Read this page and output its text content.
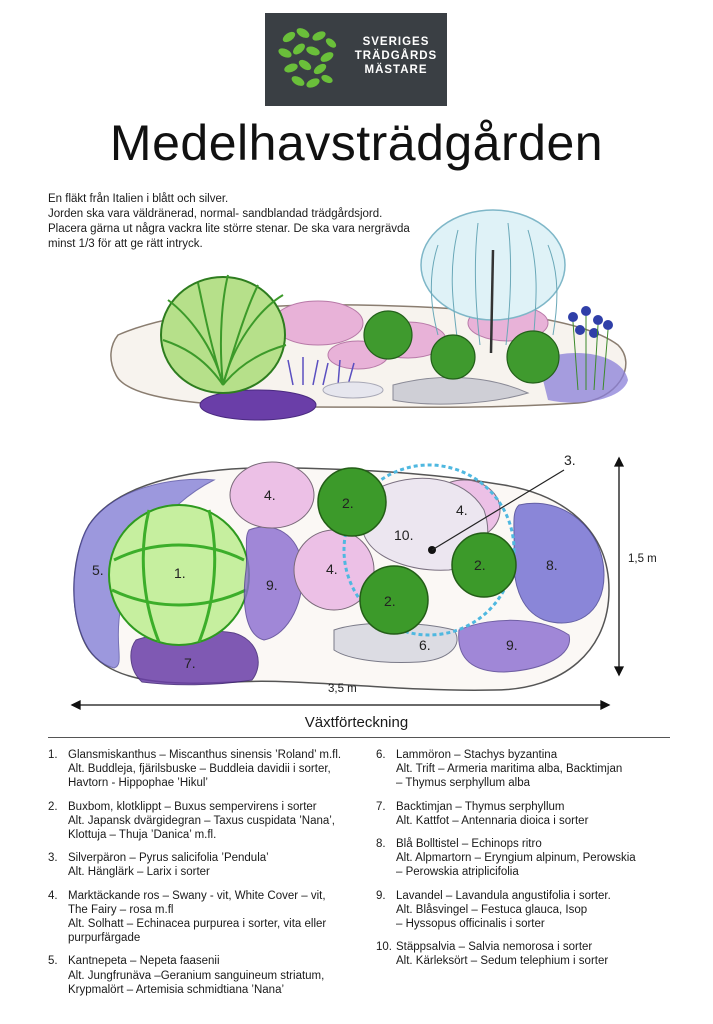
SVERIGES
TRÄDGÅRDS
MÄSTARE
Medelhavsträdgården
En fläkt från Italien i blått och silver.
Jorden ska vara väldränerad, normal- sandblandad trädgårdsjord.
Placera gärna ut några vackra lite större stenar. De ska vara nergrävda
minst 1/3 för att ge rätt intryck.
1.
2.
2.
2.
3.
4.
4.
4.
5.
6.
7.
8.
9.
9.
10.
3,5 m
1,5 m
Växtförteckning
1. Glansmiskanthus – Miscanthus sinensis ’Roland’ m.fl.
Alt. Buddleja, fjärilsbuske – Buddleia davidii i sorter,
Havtorn - Hippophae ’Hikul’
2. Buxbom, klotklippt – Buxus sempervirens i sorter
Alt. Japansk dvärgidegran – Taxus cuspidata ’Nana’,
Klottuja – Thuja ’Danica’ m.fl.
3. Silverpäron – Pyrus salicifolia ’Pendula’
Alt. Hänglärk – Larix i sorter
4. Marktäckande ros – Swany - vit, White Cover – vit,
The Fairy – rosa m.fl
Alt. Solhatt – Echinacea purpurea i sorter, vita eller
purpurfärgade
5. Kantnepeta – Nepeta faasenii
Alt. Jungfrunäva –Geranium sanguineum striatum,
Krypmalört – Artemisia schmidtiana ’Nana’
6. Lammöron – Stachys byzantina
Alt. Trift – Armeria maritima alba, Backtimjan
– Thymus serphyllum alba
7. Backtimjan – Thymus serphyllum
Alt. Kattfot – Antennaria dioica i sorter
8. Blå Bolltistel – Echinops ritro
Alt. Alpmartorn – Eryngium alpinum, Perowskia
– Perowskia atriplicifolia
9. Lavandel – Lavandula angustifolia i sorter.
Alt. Blåsvingel – Festuca glauca, Isop
– Hyssopus officinalis i sorter
10. Stäppsalvia – Salvia nemorosa i sorter
Alt. Kärleksört – Sedum telephium i sorter
